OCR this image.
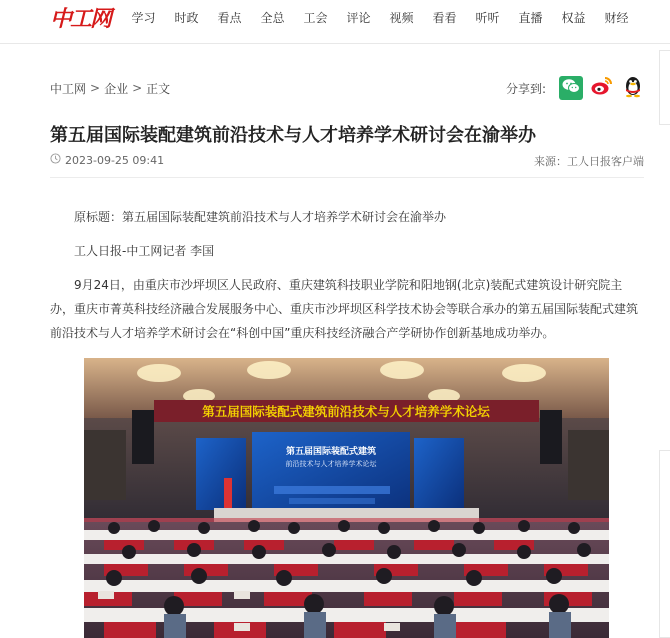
中工网	学习	时政	看点	全总	工会	评论	视频	看看	听听	直播	权益	财经
中工网 > 企业 > 正文	分享到:
第五届国际装配建筑前沿技术与人才培养学术研讨会在渝举办
2023-09-25 09:41	来源：工人日报客户端

原标题：第五届国际装配建筑前沿技术与人才培养学术研讨会在渝举办

工人日报-中工网记者 李国

9月24日，由重庆市沙坪坝区人民政府、重庆建筑科技职业学院和阳地钢(北京)装配式建筑设计研究院主办，重庆市菁英科技经济融合发展服务中心、重庆市沙坪坝区科学技术协会等联合承办的第五届国际装配式建筑前沿技术与人才培养学术研讨会在“科创中国”重庆科技经济融合产学研协作创新基地成功举办。

第五届国际装配式建筑前沿技术与人才培养学术论坛
第五届国际装配式建筑
前沿技术与人才培养学术论坛
